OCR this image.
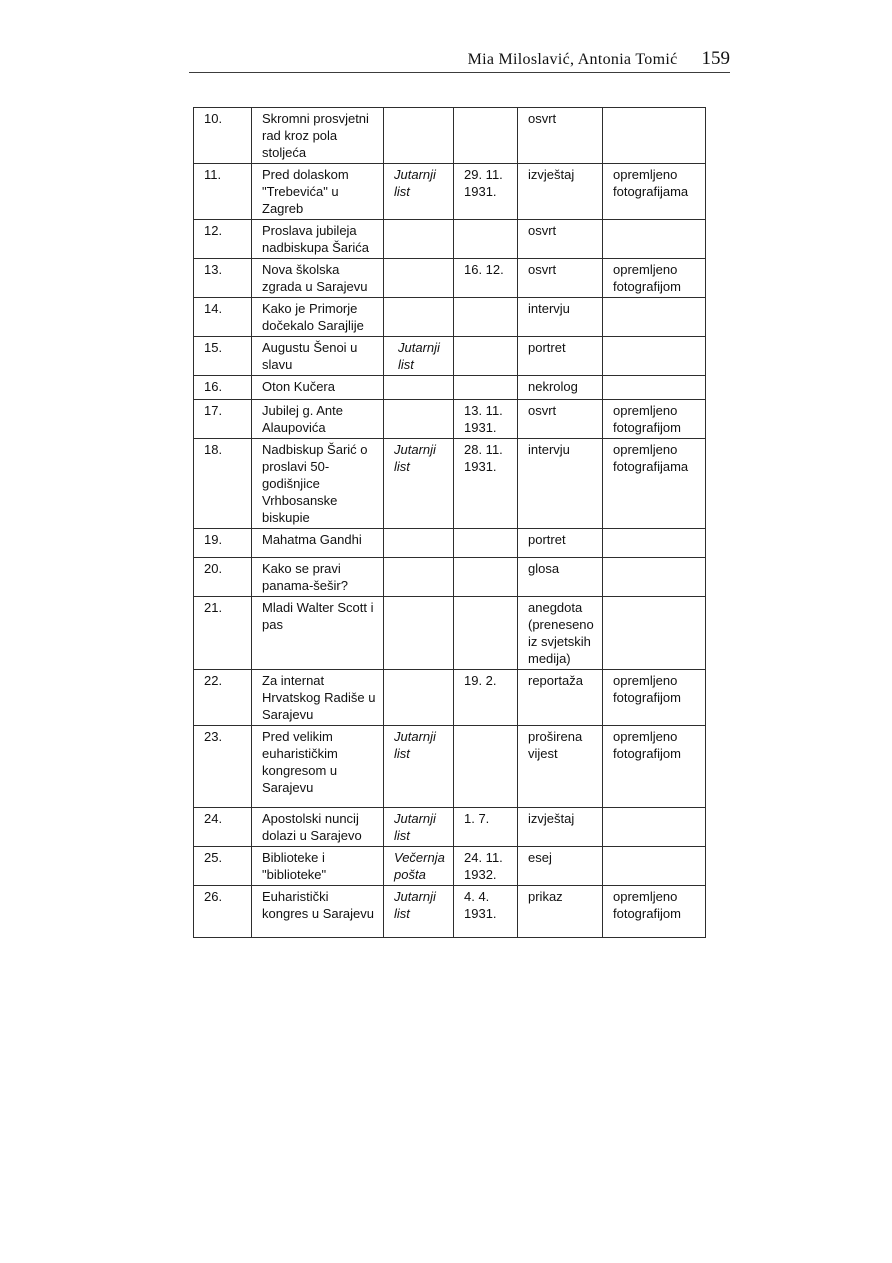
Mia Miloslavić, Antonia Tomić 159
10.	Skromni prosvjetni rad kroz pola stoljeća			osvrt	
11.	Pred dolaskom "Trebevića" u Zagreb	Jutarnji list	29. 11. 1931.	izvještaj	opremljeno fotografijama
12.	Proslava jubileja nadbiskupa Šarića			osvrt	
13.	Nova školska zgrada u Sarajevu		16. 12.	osvrt	opremljeno fotografijom
14.	Kako je Primorje dočekalo Sarajlije			intervju	
15.	Augustu Šenoi u slavu	Jutarnji list		portret	
16.	Oton Kučera			nekrolog	
17.	Jubilej g. Ante Alaupovića		13. 11. 1931.	osvrt	opremljeno fotografijom
18.	Nadbiskup Šarić o proslavi 50-godišnjice Vrhbosanske biskupie	Jutarnji list	28. 11. 1931.	intervju	opremljeno fotografijama
19.	Mahatma Gandhi			portret	
20.	Kako se pravi panama-šešir?			glosa	
21.	Mladi Walter Scott i pas			anegdota (preneseno iz svjetskih medija)	
22.	Za internat Hrvatskog Radiše u Sarajevu		19. 2.	reportaža	opremljeno fotografijom
23.	Pred velikim euharističkim kongresom u Sarajevu	Jutarnji list		proširena vijest	opremljeno fotografijom
24.	Apostolski nuncij dolazi u Sarajevo	Jutarnji list	1. 7.	izvještaj	
25.	Biblioteke i "biblioteke"	Večernja pošta	24. 11. 1932.	esej	
26.	Euharistički kongres u Sarajevu	Jutarnji list	4. 4. 1931.	prikaz	opremljeno fotografijom
